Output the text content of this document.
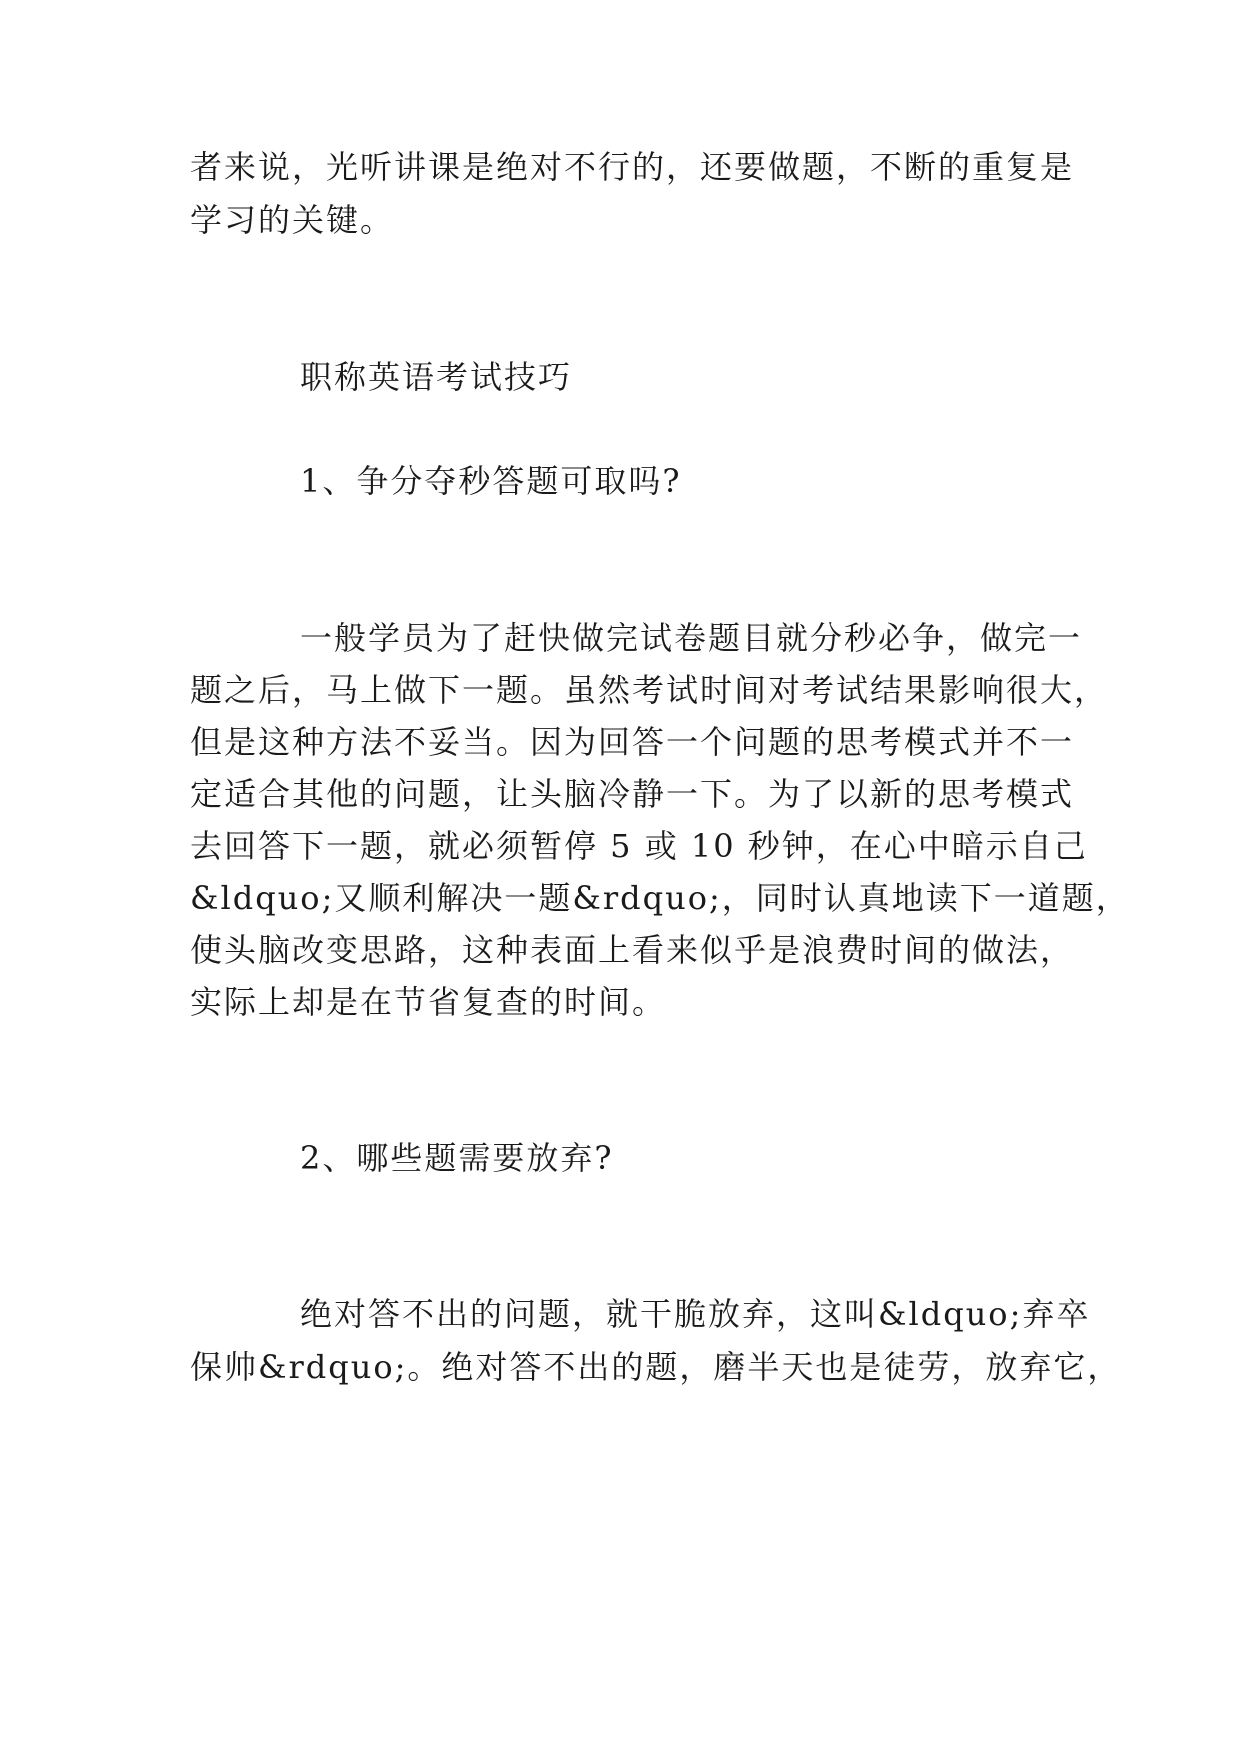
者来说，光听讲课是绝对不行的，还要做题，不断的重复是
学习的关键。
职称英语考试技巧
1、争分夺秒答题可取吗?
一般学员为了赶快做完试卷题目就分秒必争，做完一
题之后，马上做下一题。虽然考试时间对考试结果影响很大，
但是这种方法不妥当。因为回答一个问题的思考模式并不一
定适合其他的问题，让头脑冷静一下。为了以新的思考模式
去回答下一题，就必须暂停 5 或 10 秒钟，在心中暗示自己
&ldquo;又顺利解决一题&rdquo;，同时认真地读下一道题，
使头脑改变思路，这种表面上看来似乎是浪费时间的做法，
实际上却是在节省复查的时间。
2、哪些题需要放弃?
绝对答不出的问题，就干脆放弃，这叫&ldquo;弃卒
保帅&rdquo;。绝对答不出的题，磨半天也是徒劳，放弃它，
